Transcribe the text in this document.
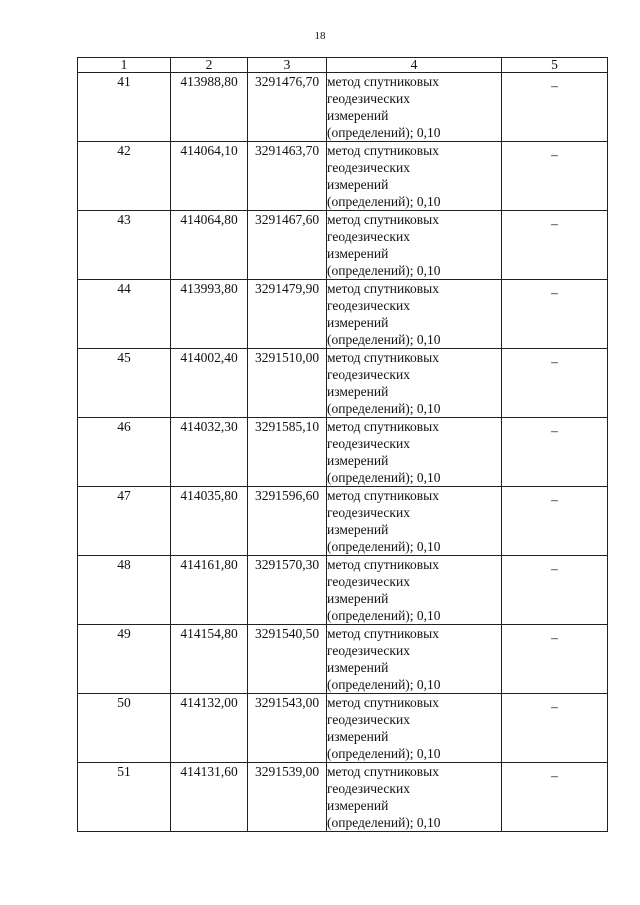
18
1	2	3	4	5
41	413988,80	3291476,70	метод спутниковых
геодезических
измерений
(определений); 0,10	–
42	414064,10	3291463,70	метод спутниковых
геодезических
измерений
(определений); 0,10	–
43	414064,80	3291467,60	метод спутниковых
геодезических
измерений
(определений); 0,10	–
44	413993,80	3291479,90	метод спутниковых
геодезических
измерений
(определений); 0,10	–
45	414002,40	3291510,00	метод спутниковых
геодезических
измерений
(определений); 0,10	–
46	414032,30	3291585,10	метод спутниковых
геодезических
измерений
(определений); 0,10	–
47	414035,80	3291596,60	метод спутниковых
геодезических
измерений
(определений); 0,10	–
48	414161,80	3291570,30	метод спутниковых
геодезических
измерений
(определений); 0,10	–
49	414154,80	3291540,50	метод спутниковых
геодезических
измерений
(определений); 0,10	–
50	414132,00	3291543,00	метод спутниковых
геодезических
измерений
(определений); 0,10	–
51	414131,60	3291539,00	метод спутниковых
геодезических
измерений
(определений); 0,10	–
